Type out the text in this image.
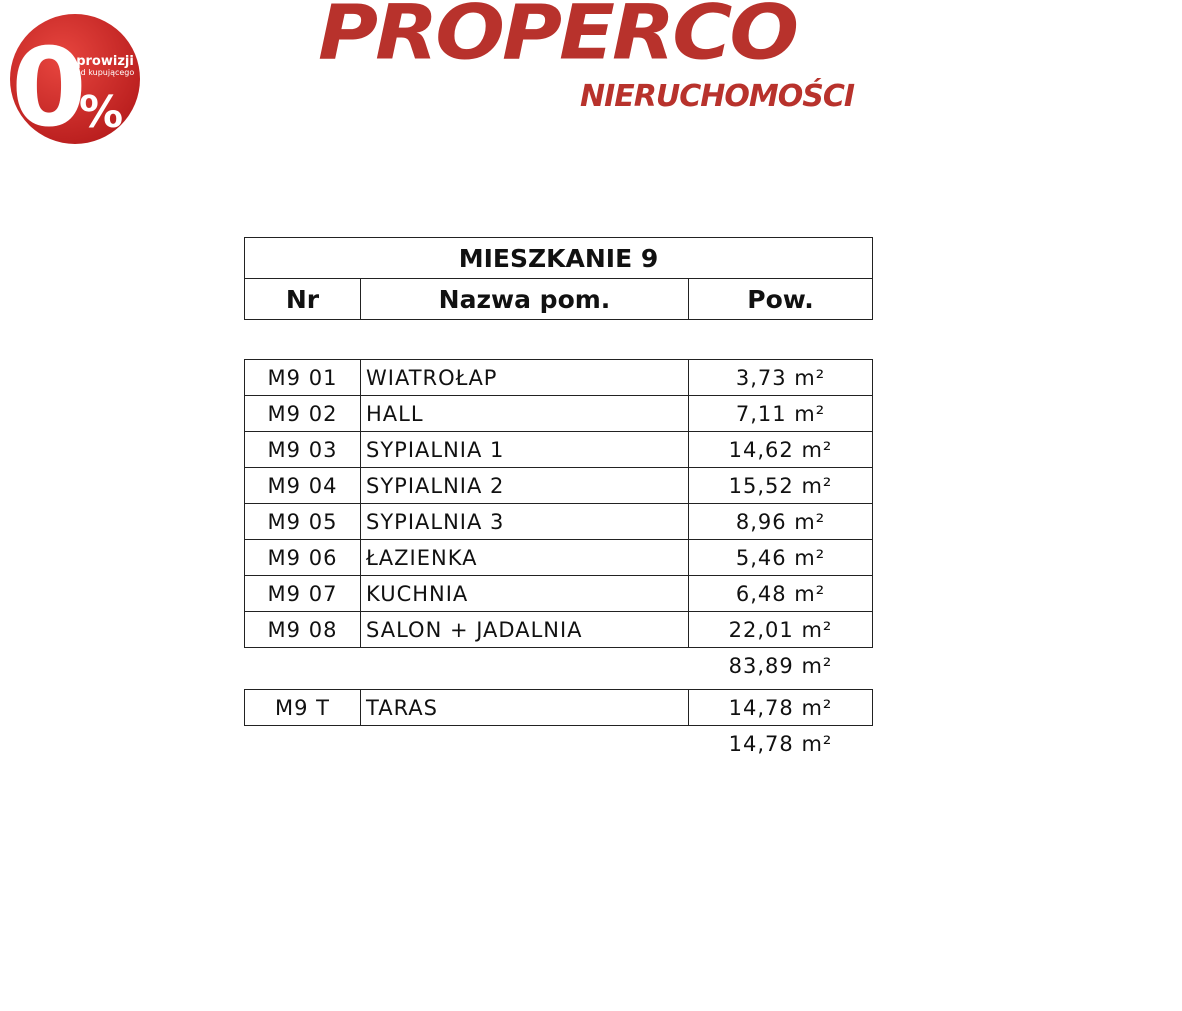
0
%
prowizji
od kupującego PROPERCO
NIERUCHOMOŚCI
MIESZKANIE 9
Nr	Nazwa pom.	Pow.
M9 01	WIATROŁAP	3,73 m²
M9 02	HALL	7,11 m²
M9 03	SYPIALNIA 1	14,62 m²
M9 04	SYPIALNIA 2	15,52 m²
M9 05	SYPIALNIA 3	8,96 m²
M9 06	ŁAZIENKA	5,46 m²
M9 07	KUCHNIA	6,48 m²
M9 08	SALON + JADALNIA	22,01 m²
		83,89 m²
M9 T	TARAS	14,78 m²
		14,78 m²
